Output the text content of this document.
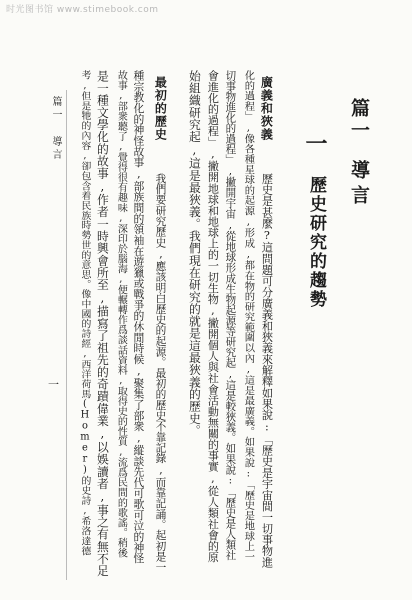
时光图书馆 www.stimebook.com
篇一
導言
一
歷史研究的趨勢
廣義和狹義  歷史是甚麼?這問題可分廣義和狹義來解釋如果說:「歷史是宇宙間一切事物進
化的過程」,像各種星球的起源,形成,都在物的研究範圍以內,這是最廣義。如果說:「歷史是地球上一
切事物進化的過程」,撇開宇宙,從地球形成生物起源等研究起,這是較狹義。如果說:「歷史是人類社
會進化的過程」,撇開地球和地球上的一切生物,撇開個人與社會活動無關的事實,從人類社會的原
始組織研究起,這是最狹義。我們現在研究的就是這最狹義的歷史。
最初的歷史  我們要研究歷史,應該明白歷史的起源。最初的歷史不靠記錄,而靠記誦。起初是一
種宗教化的神怪故事,部族間的領袖在遊獵或戰爭的休閒時候,聚集了部衆,縱談先代可歌可泣的神怪
故事,部衆聽了,覺得很有趣味,深印於腦海,便輾轉作爲談話資料,取得史的性質,流爲民間的歌謠。稍後
是一種文學化的故事,作者一時興會所至,描寫了祖先的奇蹟偉業,以娛讀者,事之有無不足
考,但是牠的內容,卻包含着民族時勢世的意思。像中國的詩經,西洋荷馬(Homer)的史詩,希洛達德
篇一 導言
一
